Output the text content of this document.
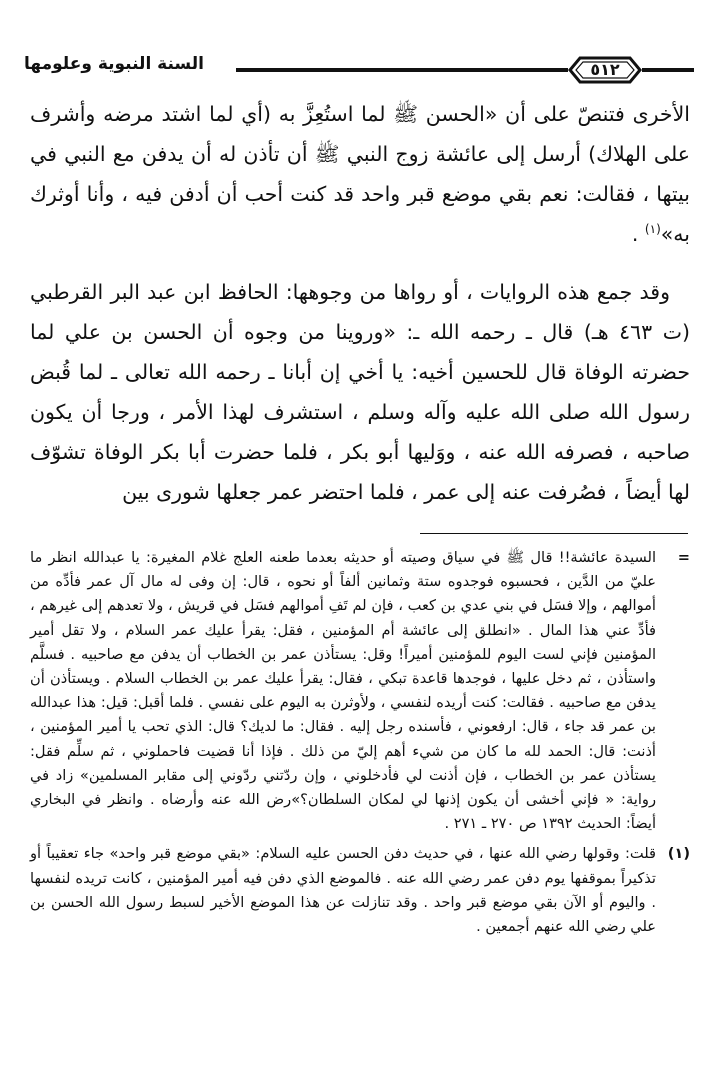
السنة النبوية وعلومها	٥١٢

الأخرى فتنصّ على أن «الحسن ﷺ لما استُعِزَّ به (أي لما اشتد مرضه وأشرف على الهلاك) أرسل إلى عائشة زوج النبي ﷺ أن تأذن له أن يدفن مع النبي في بيتها ، فقالت: نعم بقي موضع قبر واحد قد كنت أحب أن أدفن فيه ، وأنا أوثرك به»$^{(١)}$ .

وقد جمع هذه الروايات ، أو رواها من وجوهها: الحافظ ابن عبد البر القرطبي (ت ٤٦٣ هـ) قال ـ رحمه الله ـ: «وروينا من وجوه أن الحسن بن علي لما حضرته الوفاة قال للحسين أخيه: يا أخي إن أبانا ـ رحمه الله تعالى ـ لما قُبض رسول الله صلى الله عليه وآله وسلم ، استشرف لهذا الأمر ، ورجا أن يكون صاحبه ، فصرفه الله عنه ، ووَليها أبو بكر ، فلما حضرت أبا بكر الوفاة تشوّف لها أيضاً ، فصُرفت عنه إلى عمر ، فلما احتضر عمر جعلها شورى بين

=

السيدة عائشة!! قال ﷺ في سياق وصيته أو حديثه بعدما طعنه العلج غلام المغيرة: يا عبدالله انظر ما عليّ من الدَّين ، فحسبوه فوجدوه ستة وثمانين ألفاً أو نحوه ، قال: إن وفى له مال آل عمر فأدِّه من أموالهم ، وإلا فسَل في بني عدي بن كعب ، فإن لم تَفِ أموالهم فسَل في قريش ، ولا تعدهم إلى غيرهم ، فأدِّ عني هذا المال . «انطلق إلى عائشة أم المؤمنين ، فقل: يقرأ عليك عمر السلام ، ولا تقل أمير المؤمنين فإني لست اليوم للمؤمنين أميراً! وقل: يستأذن عمر بن الخطاب أن يدفن مع صاحبيه . فسلَّم واستأذن ، ثم دخل عليها ، فوجدها قاعدة تبكي ، فقال: يقرأ عليك عمر بن الخطاب السلام . ويستأذن أن يدفن مع صاحبيه . فقالت: كنت أريده لنفسي ، ولأوثرن به اليوم على نفسي . فلما أقبل: قيل: هذا عبدالله بن عمر قد جاء ، قال: ارفعوني ، فأسنده رجل إليه . فقال: ما لديك؟ قال: الذي تحب يا أمير المؤمنين ، أذنت: قال: الحمد لله ما كان من شيء أهم إليّ من ذلك . فإذا أنا قضيت فاحملوني ، ثم سلِّم فقل: يستأذن عمر بن الخطاب ، فإن أذنت لي فأدخلوني ، وإن ردّتني ردّوني إلى مقابر المسلمين» زاد في رواية: « فإني أخشى أن يكون إذنها لي لمكان السلطان؟»رض الله عنه وأرضاه . وانظر في البخاري أيضاً: الحديث ١٣٩٢ ص ٢٧٠ ـ ٢٧١ .

(١)

قلت: وقولها رضي الله عنها ، في حديث دفن الحسن عليه السلام: «بقي موضع قبر واحد» جاء تعقيباً أو تذكيراً بموقفها يوم دفن عمر رضي الله عنه . فالموضع الذي دفن فيه أمير المؤمنين ، كانت تريده لنفسها . واليوم أو الآن بقي موضع قبر واحد . وقد تنازلت عن هذا الموضع الأخير لسبط رسول الله الحسن بن علي رضي الله عنهم أجمعين .
